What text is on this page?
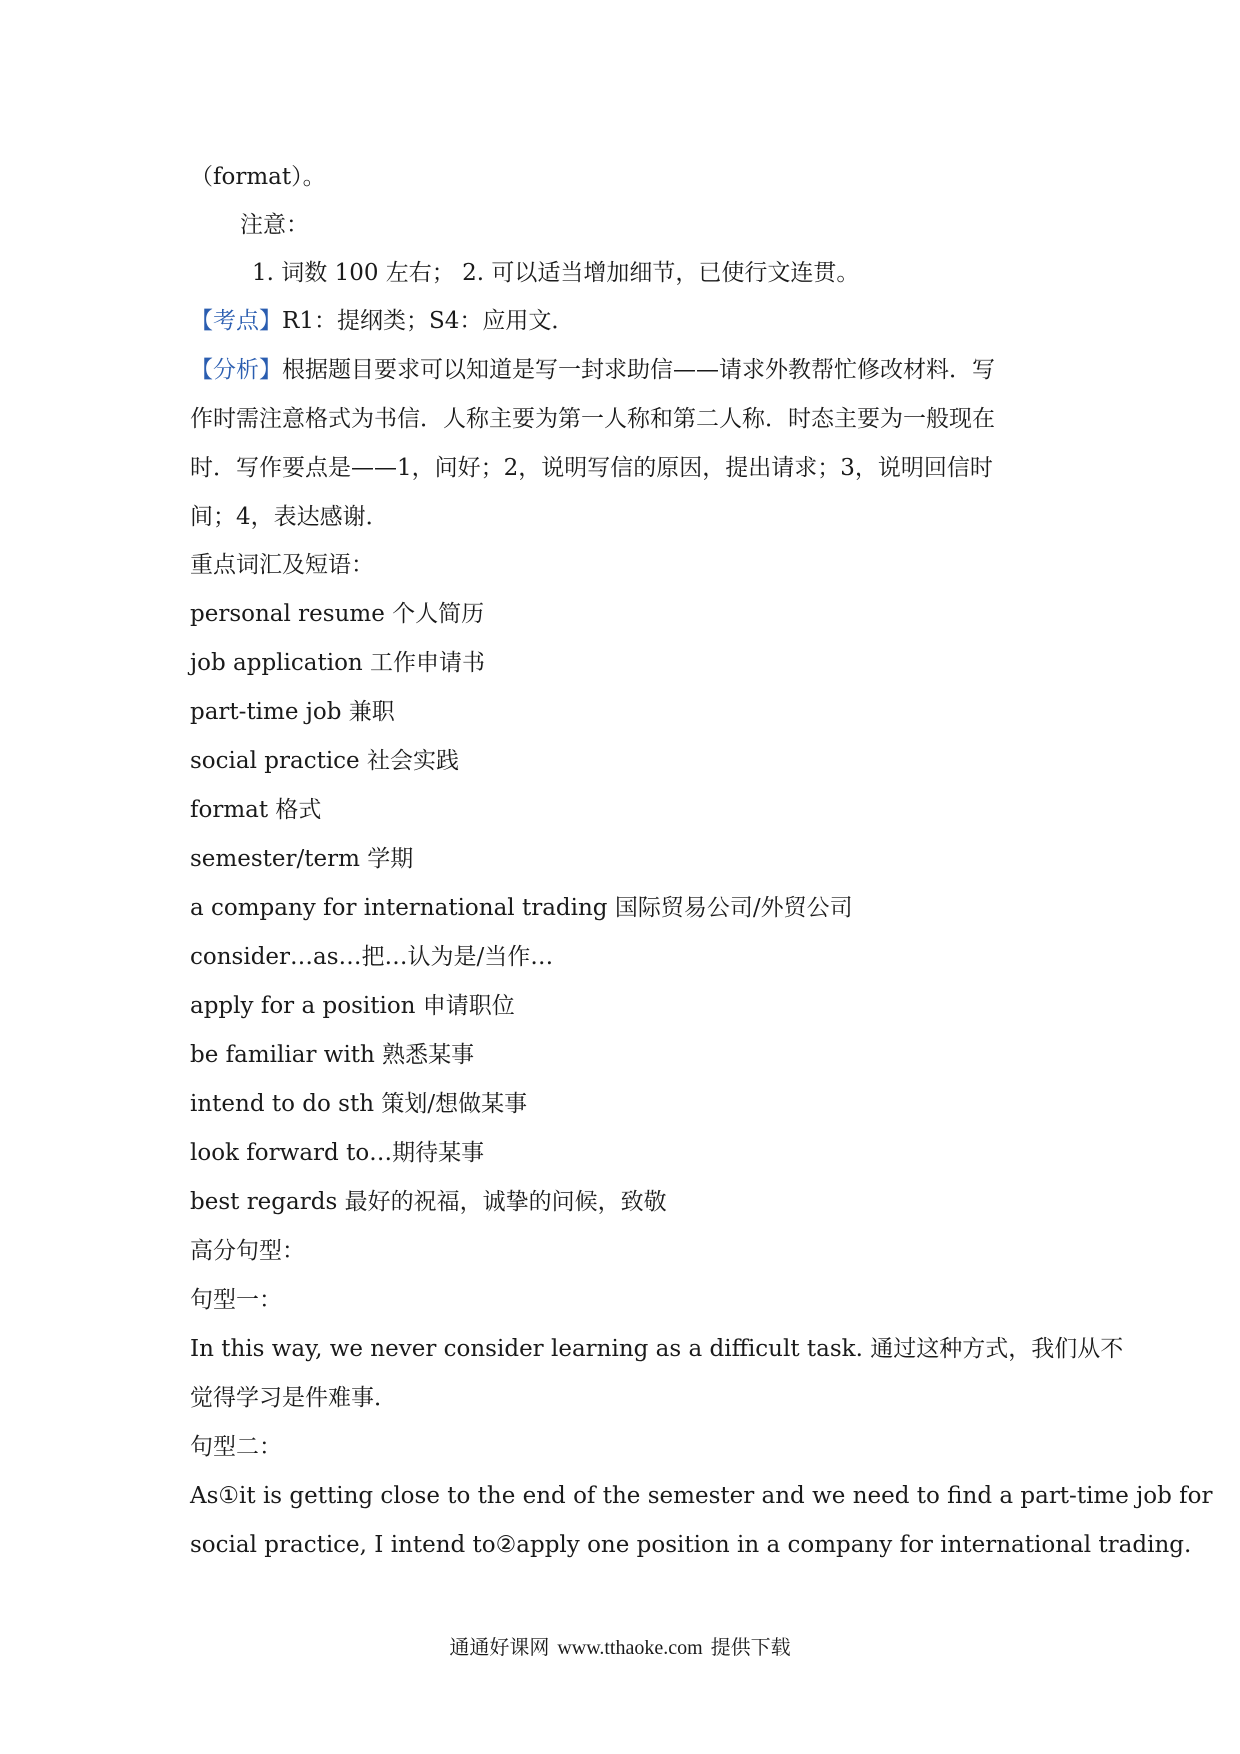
（format）。
注意：
1. 词数 100 左右； 2. 可以适当增加细节，已使行文连贯。
【考点】R1：提纲类；S4：应用文．
【分析】根据题目要求可以知道是写一封求助信——请求外教帮忙修改材料．写
作时需注意格式为书信．人称主要为第一人称和第二人称．时态主要为一般现在
时．写作要点是——1，问好；2，说明写信的原因，提出请求；3，说明回信时
间；4，表达感谢．
重点词汇及短语：
personal resume 个人简历
job application 工作申请书
part-time job 兼职
social practice 社会实践
format 格式
semester/term 学期
a company for international trading 国际贸易公司/外贸公司
consider…as…把…认为是/当作…
apply for a position 申请职位
be familiar with 熟悉某事
intend to do sth 策划/想做某事
look forward to…期待某事
best regards 最好的祝福，诚挚的问候，致敬
高分句型：
句型一：
In this way, we never consider learning as a difficult task. 通过这种方式，我们从不
觉得学习是件难事．
句型二：
As①it is getting close to the end of the semester and we need to find a part-time job for
social practice, I intend to②apply one position in a company for international trading.
通通好课网 www.tthaoke.com 提供下载
